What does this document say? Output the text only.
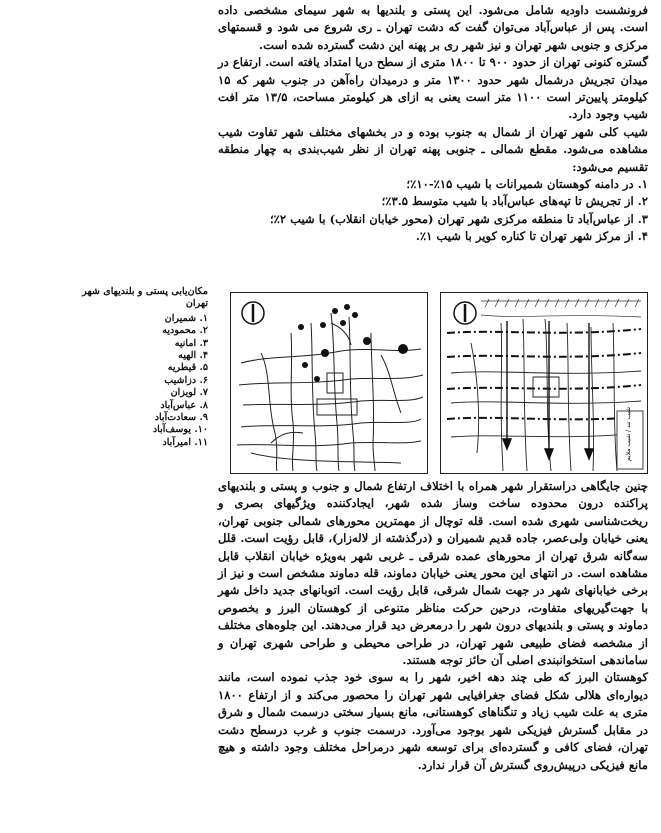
فرونشست داودیه شامل می‌شود. این پستی و بلندیها به شهر سیمای مشخصی داده است. پس از عباس‌آباد می‌توان گفت که دشت تهران ـ ری شروع می شود و قسمتهای مرکزی و جنوبی شهر تهران و نیز شهر ری بر پهنه این دشت گسترده شده است.

گستره کنونی تهران از حدود ۹۰۰ تا ۱۸۰۰ متری از سطح دریا امتداد یافته است. ارتفاع در میدان تجریش درشمال شهر حدود ۱۳۰۰ متر و درمیدان راه‌آهن در جنوب شهر که ۱۵ کیلومتر پایین‌تر است ۱۱۰۰ متر است یعنی به ازای هر کیلومتر مساحت، ۱۳/۵ متر افت شیب وجود دارد.

شیب کلی شهر تهران از شمال به جنوب بوده و در بخشهای مختلف شهر تفاوت شیب مشاهده می‌شود. مقطع شمالی ـ جنوبی پهنه تهران از نظر شیب‌بندی به چهار منطقه تقسیم می‌شود:

۱. در دامنه کوهستان شمیرانات با شیب ۱۵٪-۱۰٪؛
۲. از تجریش تا تپه‌های عباس‌آباد با شیب متوسط ۳.۵٪؛
۳. از عباس‌آباد تا منطقه مرکزی شهر تهران (محور خیابان انقلاب) با شیب ۲٪؛
۴. از مرکز شهر تهران تا کناره کویر با شیب ۱٪.
مکان‌یابی پستی و بلندیهای شهر تهران
۱. شمیران
۲. محمودیه
۳. امانیه
۴. الهیه
۵. قیطریه
۶. دزاشیب
۷. لویزان
۸. عباس‌آباد
۹. سعادت‌آباد
۱۰. یوسف‌آباد
۱۱. امیرآباد	شیب تند / شیب ملایم

چنین جایگاهی دراستقرار شهر همراه با اختلاف ارتفاع شمال و جنوب و پستی و بلندیهای پراکنده درون محدوده ساخت وساز شده شهر، ایجادکننده ویژگیهای بصری و ریخت‌شناسی شهری شده است. قله توچال از مهمترین محورهای شمالی جنوبی تهران، یعنی خیابان ولی‌عصر، جاده قدیم شمیران و (درگذشته از لاله‌زار)، قابل رؤیت است. قلل سه‌گانه شرق تهران از محورهای عمده شرقی ـ غربی شهر به‌ویژه خیابان انقلاب قابل مشاهده است. در انتهای این محور یعنی خیابان دماوند، قله دماوند مشخص است و نیز از برخی خیابانهای شهر در جهت شمال شرقی، قابل رؤیت است. اتوبانهای جدید داخل شهر با جهت‌گیریهای متفاوت، درحین حرکت مناظر متنوعی از کوهستان البرز و بخصوص دماوند و پستی و بلندیهای درون شهر را درمعرض دید قرار می‌دهند. این جلوه‌های مختلف از مشخصه فضای طبیعی شهر تهران، در طراحی محیطی و طراحی شهری تهران و ساماندهی استخوانبندی اصلی آن حائز توجه هستند.

کوهستان البرز که طی چند دهه اخیر، شهر را به سوی خود جذب نموده است، مانند دیواره‌ای هلالی شکل فضای جغرافیایی شهر تهران را محصور می‌کند و از ارتفاع ۱۸۰۰ متری به علت شیب زیاد و تنگناهای کوهستانی، مانع بسیار سختی درسمت شمال و شرق در مقابل گسترش فیزیکی شهر بوجود می‌آورد. درسمت جنوب و غرب درسطح دشت تهران، فضای کافی و گسترده‌ای برای توسعه شهر درمراحل مختلف وجود داشته و هیچ مانع فیزیکی درپیش‌روی گسترش آن قرار ندارد.
